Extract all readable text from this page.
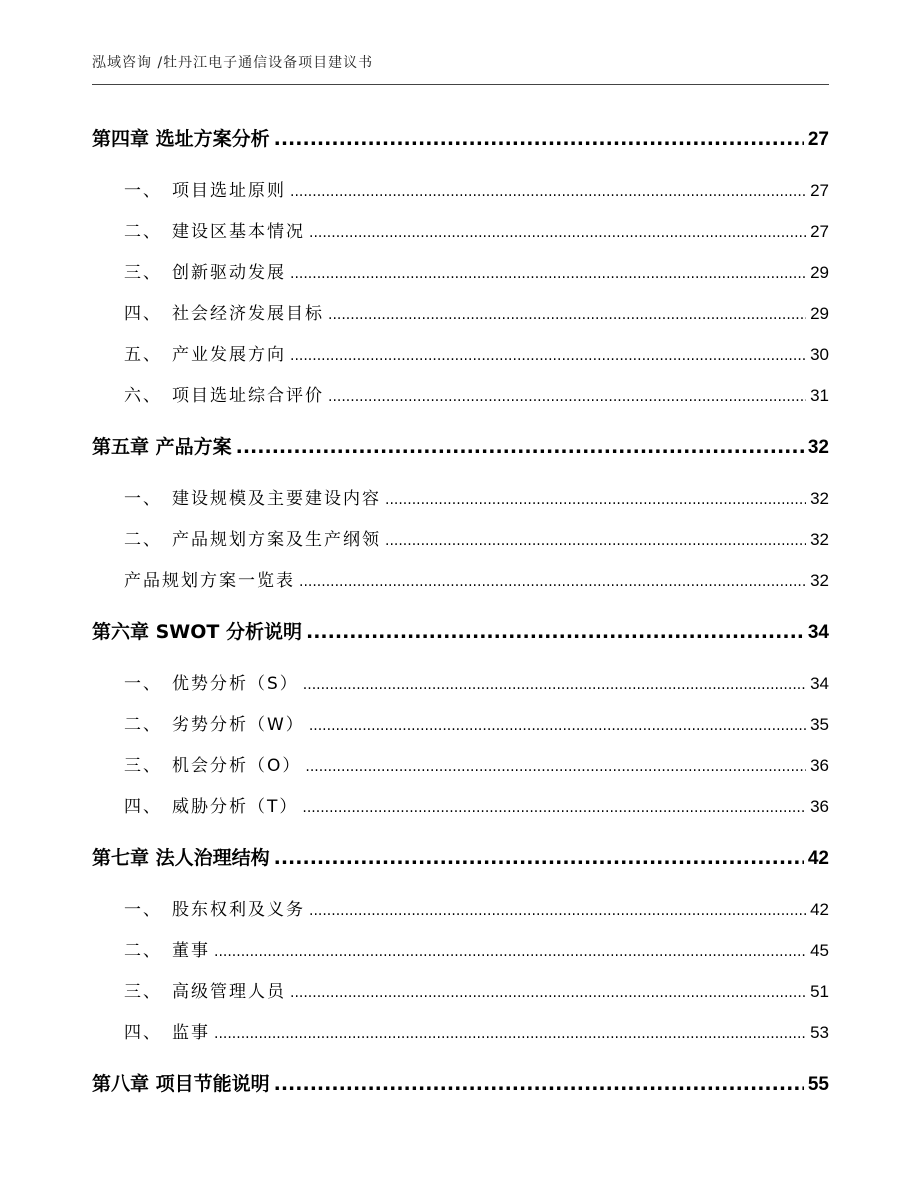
泓域咨询 /牡丹江电子通信设备项目建议书
第四章 选址方案分析 .....	27
一、 项目选址原则 .....	27
二、 建设区基本情况 .....	27
三、 创新驱动发展 .....	29
四、 社会经济发展目标 .....	29
五、 产业发展方向 .....	30
六、 项目选址综合评价 .....	31
第五章 产品方案 .....	32
一、 建设规模及主要建设内容 .....	32
二、 产品规划方案及生产纲领 .....	32
产品规划方案一览表 .....	32
第六章 SWOT 分析说明 .....	34
一、 优势分析（S） .....	34
二、 劣势分析（W） .....	35
三、 机会分析（O） .....	36
四、 威胁分析（T） .....	36
第七章 法人治理结构 .....	42
一、 股东权利及义务 .....	42
二、 董事 .....	45
三、 高级管理人员 .....	51
四、 监事 .....	53
第八章 项目节能说明 .....	55
